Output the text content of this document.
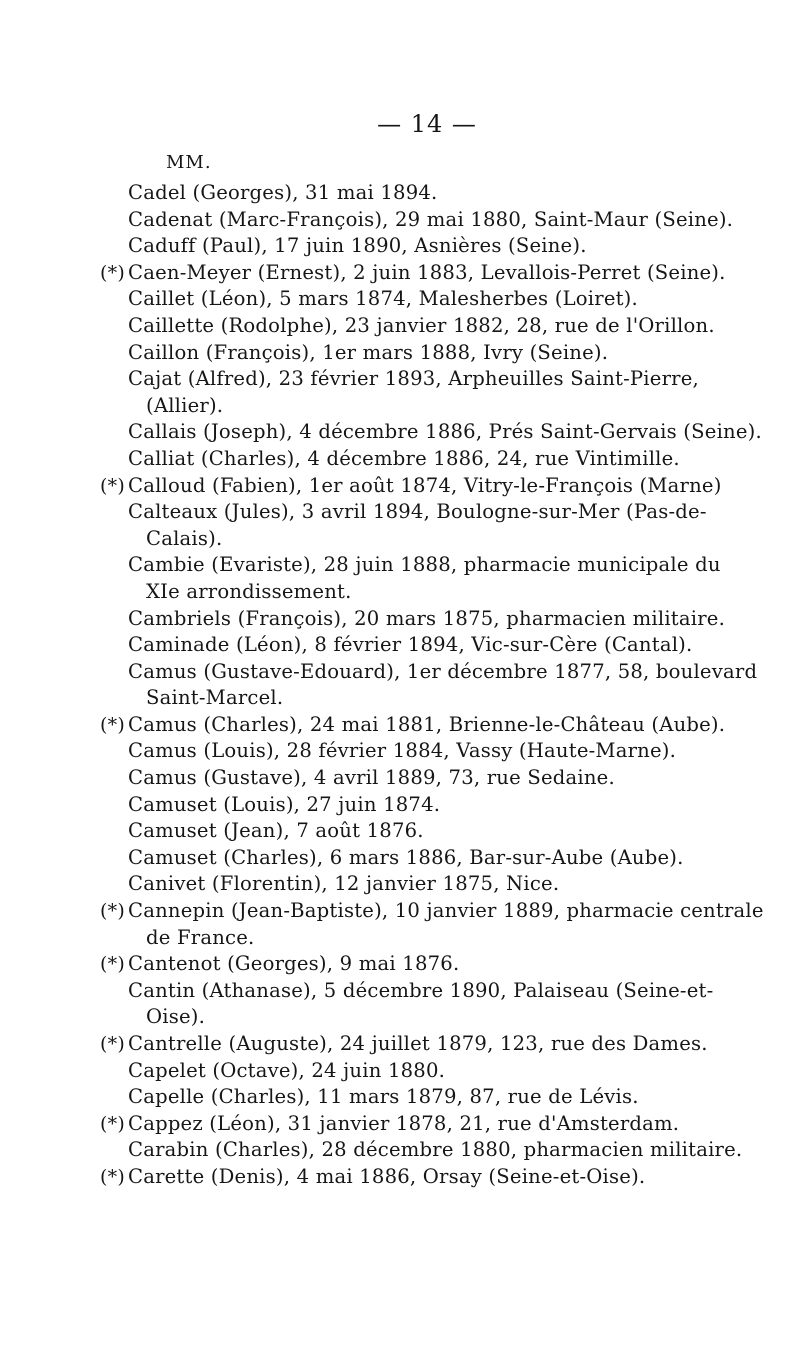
— 14 —
MM.
Cadel (Georges), 31 mai 1894.
Cadenat (Marc-François), 29 mai 1880, Saint-Maur (Seine).
Caduff (Paul), 17 juin 1890, Asnières (Seine).
(*) Caen-Meyer (Ernest), 2 juin 1883, Levallois-Perret (Seine).
Caillet (Léon), 5 mars 1874, Malesherbes (Loiret).
Caillette (Rodolphe), 23 janvier 1882, 28, rue de l'Orillon.
Caillon (François), 1er mars 1888, Ivry (Seine).
Cajat (Alfred), 23 février 1893, Arpheuilles Saint-Pierre,
(Allier).
Callais (Joseph), 4 décembre 1886, Prés Saint-Gervais (Seine).
Calliat (Charles), 4 décembre 1886, 24, rue Vintimille.
(*) Calloud (Fabien), 1er août 1874, Vitry-le-François (Marne)
Calteaux (Jules), 3 avril 1894, Boulogne-sur-Mer (Pas-de-
Calais).
Cambie (Evariste), 28 juin 1888, pharmacie municipale du
XIe arrondissement.
Cambriels (François), 20 mars 1875, pharmacien militaire.
Caminade (Léon), 8 février 1894, Vic-sur-Cère (Cantal).
Camus (Gustave-Edouard), 1er décembre 1877, 58, boulevard
Saint-Marcel.
(*) Camus (Charles), 24 mai 1881, Brienne-le-Château (Aube).
Camus (Louis), 28 février 1884, Vassy (Haute-Marne).
Camus (Gustave), 4 avril 1889, 73, rue Sedaine.
Camuset (Louis), 27 juin 1874.
Camuset (Jean), 7 août 1876.
Camuset (Charles), 6 mars 1886, Bar-sur-Aube (Aube).
Canivet (Florentin), 12 janvier 1875, Nice.
(*) Cannepin (Jean-Baptiste), 10 janvier 1889, pharmacie centrale
de France.
(*) Cantenot (Georges), 9 mai 1876.
Cantin (Athanase), 5 décembre 1890, Palaiseau (Seine-et-
Oise).
(*) Cantrelle (Auguste), 24 juillet 1879, 123, rue des Dames.
Capelet (Octave), 24 juin 1880.
Capelle (Charles), 11 mars 1879, 87, rue de Lévis.
(*) Cappez (Léon), 31 janvier 1878, 21, rue d'Amsterdam.
Carabin (Charles), 28 décembre 1880, pharmacien militaire.
(*) Carette (Denis), 4 mai 1886, Orsay (Seine-et-Oise).
